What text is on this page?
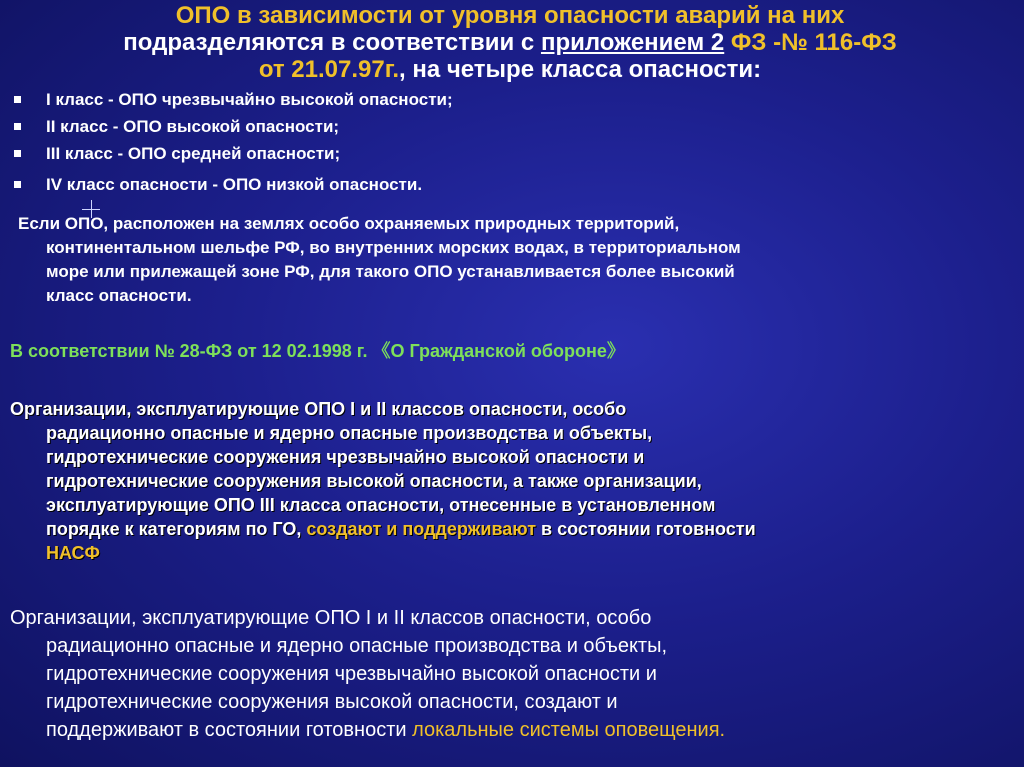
ОПО в зависимости от уровня опасности аварий на них
подразделяются в соответствии с приложением 2 ФЗ -№ 116-ФЗ
от 21.07.97г., на четыре класса опасности:
I класс - ОПО чрезвычайно высокой опасности;
II класс - ОПО высокой опасности;
III класс - ОПО средней опасности;
IV класс опасности - ОПО низкой опасности.
Если ОПО, расположен на землях особо охраняемых природных территорий,
континентальном шельфе РФ, во внутренних морских водах, в территориальном
море или прилежащей зоне РФ, для такого ОПО устанавливается более высокий
класс опасности.
В соответствии № 28-ФЗ от 12 02.1998 г. 《О Гражданской обороне》
Организации, эксплуатирующие ОПО I и II классов опасности, особо
радиационно опасные и ядерно опасные производства и объекты,
гидротехнические сооружения чрезвычайно высокой опасности и
гидротехнические сооружения высокой опасности, а также организации,
эксплуатирующие ОПО III класса опасности, отнесенные в установленном
порядке к категориям по ГО, создают и поддерживают в состоянии готовности
НАСФ
Организации, эксплуатирующие ОПО I и II классов опасности, особо
радиационно опасные и ядерно опасные производства и объекты,
гидротехнические сооружения чрезвычайно высокой опасности и
гидротехнические сооружения высокой опасности, создают и
поддерживают в состоянии готовности локальные системы оповещения.
